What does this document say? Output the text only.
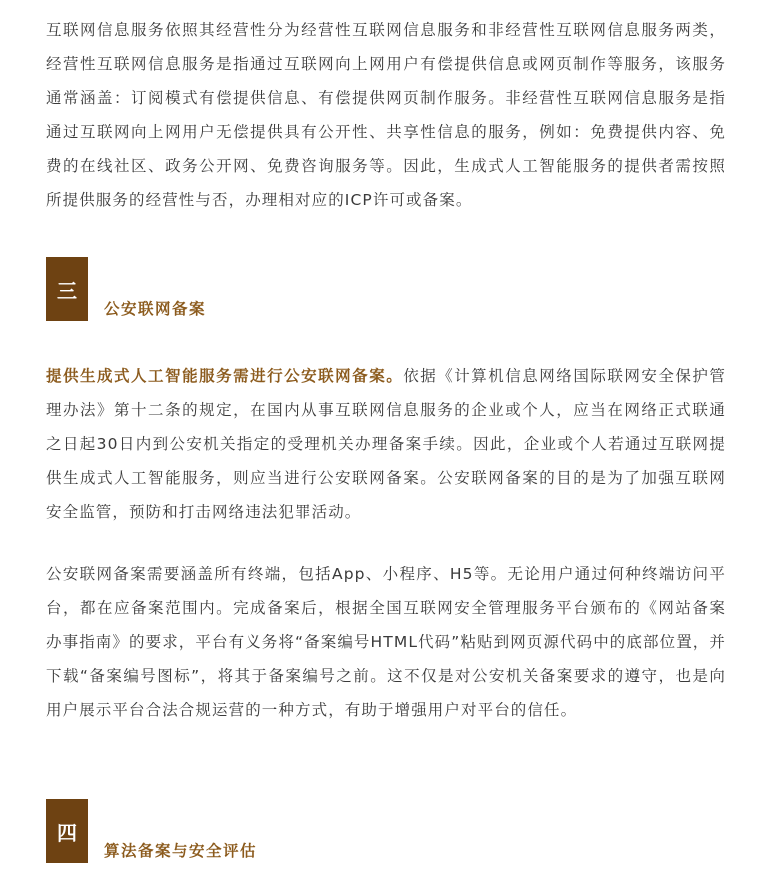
互联网信息服务依照其经营性分为经营性互联网信息服务和非经营性互联网信息服务两类，经营性互联网信息服务是指通过互联网向上网用户有偿提供信息或网页制作等服务，该服务通常涵盖：订阅模式有偿提供信息、有偿提供网页制作服务。非经营性互联网信息服务是指通过互联网向上网用户无偿提供具有公开性、共享性信息的服务，例如：免费提供内容、免费的在线社区、政务公开网、免费咨询服务等。因此，生成式人工智能服务的提供者需按照所提供服务的经营性与否，办理相对应的ICP许可或备案。

三
公安联网备案

提供生成式人工智能服务需进行公安联网备案。依据《计算机信息网络国际联网安全保护管理办法》第十二条的规定，在国内从事互联网信息服务的企业或个人，应当在网络正式联通之日起30日内到公安机关指定的受理机关办理备案手续。因此，企业或个人若通过互联网提供生成式人工智能服务，则应当进行公安联网备案。公安联网备案的目的是为了加强互联网安全监管，预防和打击网络违法犯罪活动。

公安联网备案需要涵盖所有终端，包括App、小程序、H5等。无论用户通过何种终端访问平台，都在应备案范围内。完成备案后，根据全国互联网安全管理服务平台颁布的《网站备案办事指南》的要求，平台有义务将“备案编号HTML代码”粘贴到网页源代码中的底部位置，并下载“备案编号图标”，将其于备案编号之前。这不仅是对公安机关备案要求的遵守，也是向用户展示平台合法合规运营的一种方式，有助于增强用户对平台的信任。

四
算法备案与安全评估
